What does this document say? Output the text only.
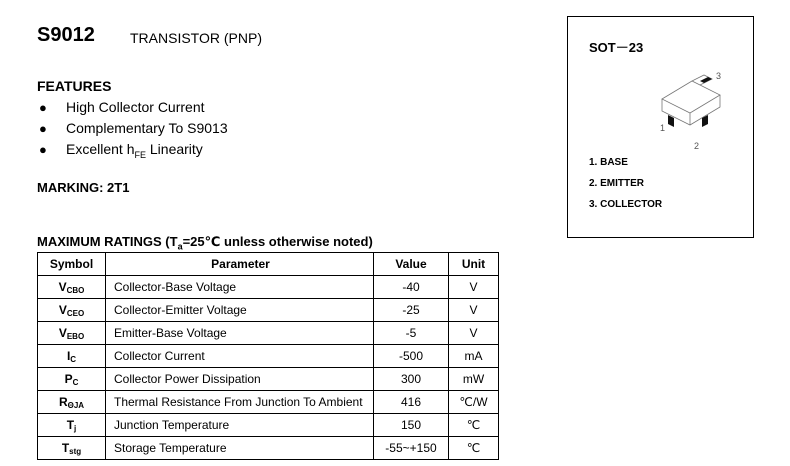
S9012	TRANSISTOR (PNP)
FEATURES
● High Collector Current
● Complementary To S9013
● Excellent $h_{FE}$ Linearity
MARKING: 2T1
MAXIMUM RATINGS ($T_a=25℃$ unless otherwise noted)
Symbol	Parameter	Value	Unit
VCBO	Collector-Base Voltage	-40	V
VCEO	Collector-Emitter Voltage	-25	V
VEBO	Emitter-Base Voltage	-5	V
IC	Collector Current	-500	mA
PC	Collector Power Dissipation	300	mW
RΘJA	Thermal Resistance From Junction To Ambient	416	℃/W
Tj	Junction Temperature	150	℃
Tstg	Storage Temperature	-55~+150	℃
SOT－23
3
1
2
1. BASE
2. EMITTER
3. COLLECTOR
